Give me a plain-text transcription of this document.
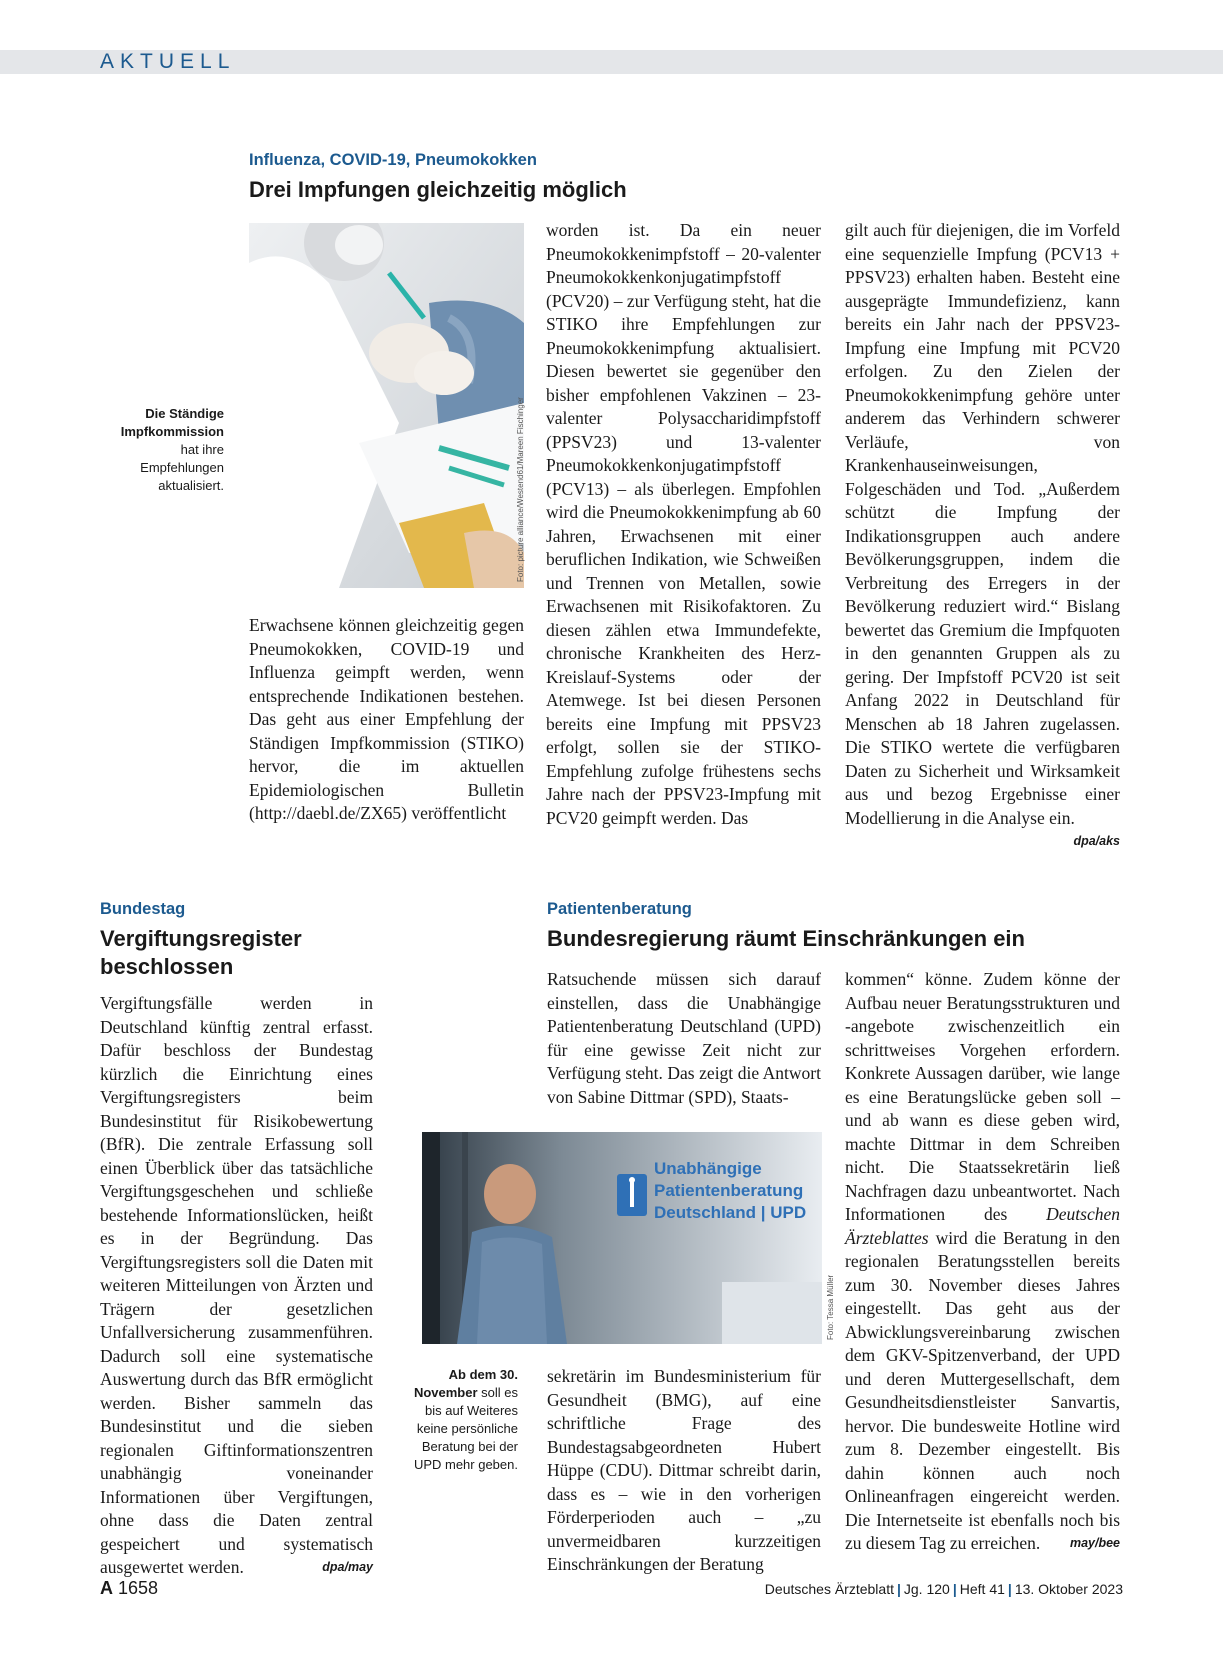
AKTUELL
Influenza, COVID-19, Pneumokokken
Drei Impfungen gleichzeitig möglich
Die Ständige Impfkommission
hat ihre Empfehlungen aktualisiert.	Foto: picture alliance/Westend61/Mareen Fischinger

Erwachsene können gleichzeitig gegen Pneumokokken, COVID-19 und Influenza geimpft werden, wenn entsprechende Indikationen bestehen. Das geht aus einer Empfehlung der Ständigen Impfkommission (STIKO) hervor, die im aktuellen Epidemiologischen Bulletin (http://daebl.de/ZX65) veröffentlicht

worden ist. Da ein neuer Pneumokokkenimpfstoff – 20-valenter Pneumokokkenkonjugatimpfstoff (PCV20) – zur Verfügung steht, hat die STIKO ihre Empfehlungen zur Pneumokokkenimpfung aktualisiert. Diesen bewertet sie gegenüber den bisher empfohlenen Vakzinen – 23-valenter Polysaccharidimpfstoff (PPSV23) und 13-valenter Pneumokokkenkonjugatimpfstoff (PCV13) – als überlegen. Empfohlen wird die Pneumokokkenimpfung ab 60 Jahren, Erwachsenen mit einer beruflichen Indikation, wie Schweißen und Trennen von Metallen, sowie Erwachsenen mit Risikofaktoren. Zu diesen zählen etwa Immundefekte, chronische Krankheiten des Herz-Kreislauf-Systems oder der Atemwege. Ist bei diesen Personen bereits eine Impfung mit PPSV23 erfolgt, sollen sie der STIKO-Empfehlung zufolge frühestens sechs Jahre nach der PPSV23-Impfung mit PCV20 geimpft werden. Das

gilt auch für diejenigen, die im Vorfeld eine sequenzielle Impfung (PCV13 + PPSV23) erhalten haben. Besteht eine ausgeprägte Immundefizienz, kann bereits ein Jahr nach der PPSV23-Impfung eine Impfung mit PCV20 erfolgen. Zu den Zielen der Pneumokokkenimpfung gehöre unter anderem das Verhindern schwerer Verläufe, von Krankenhauseinweisungen, Folgeschäden und Tod. „Außerdem schützt die Impfung der Indikationsgruppen auch andere Bevölkerungsgruppen, indem die Verbreitung des Erregers in der Bevölkerung reduziert wird.“ Bislang bewertet das Gremium die Impfquoten in den genannten Gruppen als zu gering. Der Impfstoff PCV20 ist seit Anfang 2022 in Deutschland für Menschen ab 18 Jahren zugelassen. Die STIKO wertete die verfügbaren Daten zu Sicherheit und Wirksamkeit aus und bezog Ergebnisse einer Modellierung in die Analyse ein.
dpa/aks

Bundestag
Vergiftungsregister beschlossen

Vergiftungsfälle werden in Deutschland künftig zentral erfasst. Dafür beschloss der Bundestag kürzlich die Einrichtung eines Vergiftungsregisters beim Bundesinstitut für Risikobewertung (BfR). Die zentrale Erfassung soll einen Überblick über das tatsächliche Vergiftungsgeschehen und schließe bestehende Informationslücken, heißt es in der Begründung. Das Vergiftungsregisters soll die Daten mit weiteren Mitteilungen von Ärzten und Trägern der gesetzlichen Unfallversicherung zusammenführen. Dadurch soll eine systematische Auswertung durch das BfR ermöglicht werden. Bisher sammeln das Bundesinstitut und die sieben regionalen Giftinformationszentren unabhängig voneinander Informationen über Vergiftungen, ohne dass die Daten zentral gespeichert und systematisch ausgewertet werden.	dpa/may

Patientenberatung
Bundesregierung räumt Einschränkungen ein

Ratsuchende müssen sich darauf einstellen, dass die Unabhängige Patientenberatung Deutschland (UPD) für eine gewisse Zeit nicht zur Verfügung steht. Das zeigt die Antwort von Sabine Dittmar (SPD), Staats-

Unabhängige
Patientenberatung
Deutschland | UPD
Foto: Tessa Müller
Ab dem 30. November soll es bis auf Weiteres keine persönliche Beratung bei der UPD mehr geben.

sekretärin im Bundesministerium für Gesundheit (BMG), auf eine schriftliche Frage des Bundestagsabgeordneten Hubert Hüppe (CDU). Dittmar schreibt darin, dass es – wie in den vorherigen Förderperioden auch – „zu unvermeidbaren kurzzeitigen Einschränkungen der Beratung

kommen“ könne. Zudem könne der Aufbau neuer Beratungsstrukturen und -angebote zwischenzeitlich ein schrittweises Vorgehen erfordern. Konkrete Aussagen darüber, wie lange es eine Beratungslücke geben soll – und ab wann es diese geben wird, machte Dittmar in dem Schreiben nicht. Die Staatssekretärin ließ Nachfragen dazu unbeantwortet. Nach Informationen des Deutschen Ärzteblattes wird die Beratung in den regionalen Beratungsstellen bereits zum 30. November dieses Jahres eingestellt. Das geht aus der Abwicklungsvereinbarung zwischen dem GKV-Spitzenverband, der UPD und deren Muttergesellschaft, dem Gesundheitsdienstleister Sanvartis, hervor. Die bundesweite Hotline wird zum 8. Dezember eingestellt. Bis dahin können auch noch Onlineanfragen eingereicht werden. Die Internetseite ist ebenfalls noch bis zu diesem Tag zu erreichen. may/bee

A 1658	Deutsches Ärzteblatt | Jg. 120 | Heft 41 | 13. Oktober 2023
